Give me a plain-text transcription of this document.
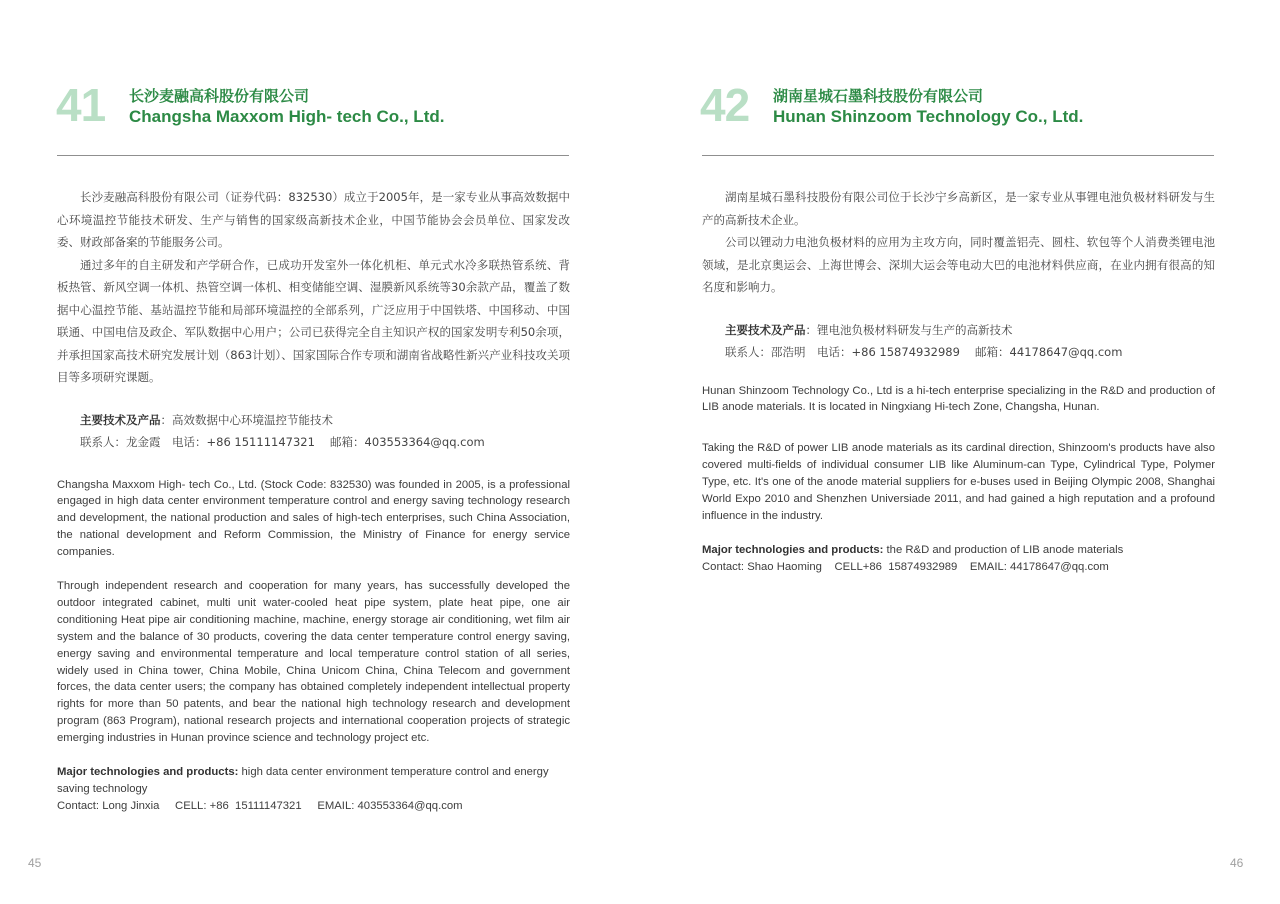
41 长沙麦融高科股份有限公司
Changsha Maxxom High- tech Co., Ltd.

长沙麦融高科股份有限公司（证券代码：832530）成立于2005年，是一家专业从事高效数据中心环境温控节能技术研发、生产与销售的国家级高新技术企业，中国节能协会会员单位、国家发改委、财政部备案的节能服务公司。

通过多年的自主研发和产学研合作，已成功开发室外一体化机柜、单元式水冷多联热管系统、背板热管、新风空调一体机、热管空调一体机、相变储能空调、湿膜新风系统等30余款产品，覆盖了数据中心温控节能、基站温控节能和局部环境温控的全部系列，广泛应用于中国铁塔、中国移动、中国联通、中国电信及政企、军队数据中心用户；公司已获得完全自主知识产权的国家发明专利50余项，并承担国家高技术研究发展计划（863计划）、国家国际合作专项和湖南省战略性新兴产业科技攻关项目等多项研究课题。

主要技术及产品：高效数据中心环境温控节能技术

联系人：龙金霞　电话：+86 15111147321　 邮箱：403553364@qq.com

Changsha Maxxom High- tech Co., Ltd. (Stock Code: 832530) was founded in 2005, is a professional engaged in high data center environment temperature control and energy saving technology research and development, the national production and sales of high-tech enterprises, such China Association, the national development and Reform Commission, the Ministry of Finance for energy service companies.

Through independent research and cooperation for many years, has successfully developed the outdoor integrated cabinet, multi unit water-cooled heat pipe system, plate heat pipe, one air conditioning Heat pipe air conditioning machine, machine, energy storage air conditioning, wet film air system and the balance of 30 products, covering the data center temperature control energy saving, energy saving and environmental temperature and local temperature control station of all series, widely used in China tower, China Mobile, China Unicom China, China Telecom and government forces, the data center users; the company has obtained completely independent intellectual property rights for more than 50 patents, and bear the national high technology research and development program (863 Program), national research projects and international cooperation projects of strategic emerging industries in Hunan province science and technology project etc.

Major technologies and products: high data center environment temperature control and energy saving technology

Contact: Long Jinxia     CELL: +86  15111147321     EMAIL: 403553364@qq.com

45
42 湖南星城石墨科技股份有限公司
Hunan Shinzoom Technology Co., Ltd.

湖南星城石墨科技股份有限公司位于长沙宁乡高新区，是一家专业从事锂电池负极材料研发与生产的高新技术企业。

公司以锂动力电池负极材料的应用为主攻方向，同时覆盖铝壳、圆柱、软包等个人消费类锂电池领域，是北京奥运会、上海世博会、深圳大运会等电动大巴的电池材料供应商，在业内拥有很高的知名度和影响力。

主要技术及产品：锂电池负极材料研发与生产的高新技术

联系人：邵浩明　电话：+86 15874932989　 邮箱：44178647@qq.com

Hunan Shinzoom Technology Co., Ltd is a hi-tech enterprise specializing in the R&D and production of LIB anode materials. It is located in Ningxiang Hi-tech Zone, Changsha, Hunan.

Taking the R&D of power LIB anode materials as its cardinal direction, Shinzoom's products have also covered multi-fields of individual consumer LIB like Aluminum-can Type, Cylindrical Type, Polymer Type, etc. It's one of the anode material suppliers for e-buses used in Beijing Olympic 2008, Shanghai World Expo 2010 and Shenzhen Universiade 2011, and had gained a high reputation and a profound influence in the industry.

Major technologies and products: the R&D and production of LIB anode materials

Contact: Shao Haoming    CELL+86  15874932989    EMAIL: 44178647@qq.com

46
